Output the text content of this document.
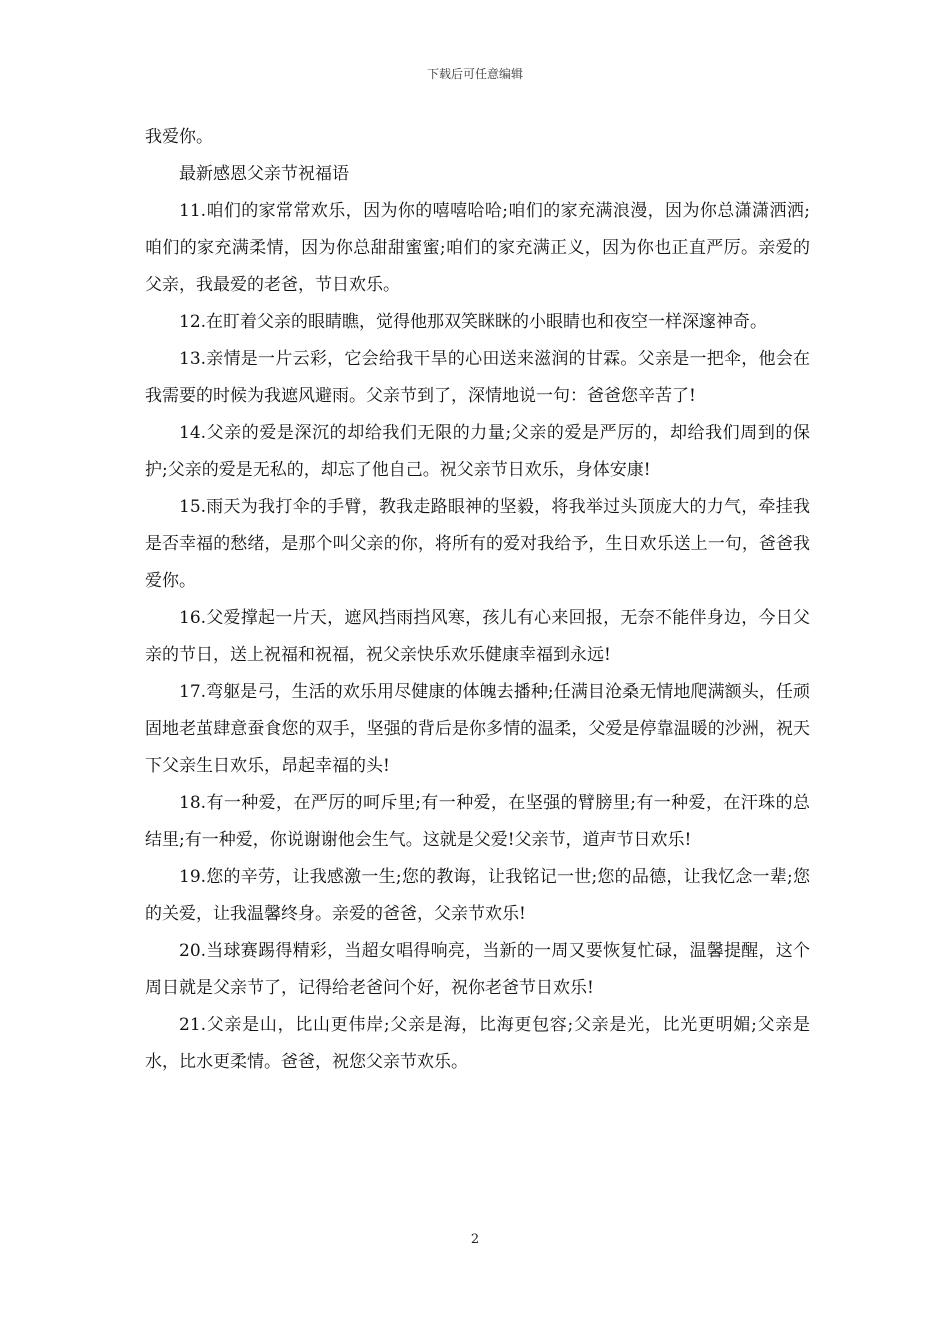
下载后可任意编辑

我爱你。

最新感恩父亲节祝福语

11.咱们的家常常欢乐，因为你的嘻嘻哈哈;咱们的家充满浪漫，因为你总潇潇洒洒;咱们的家充满柔情，因为你总甜甜蜜蜜;咱们的家充满正义，因为你也正直严厉。亲爱的父亲，我最爱的老爸，节日欢乐。

12.在盯着父亲的眼睛瞧，觉得他那双笑眯眯的小眼睛也和夜空一样深邃神奇。

13.亲情是一片云彩，它会给我干旱的心田送来滋润的甘霖。父亲是一把伞，他会在我需要的时候为我遮风避雨。父亲节到了，深情地说一句：爸爸您辛苦了!

14.父亲的爱是深沉的却给我们无限的力量;父亲的爱是严厉的，却给我们周到的保护;父亲的爱是无私的，却忘了他自己。祝父亲节日欢乐，身体安康!

15.雨天为我打伞的手臂，教我走路眼神的坚毅，将我举过头顶庞大的力气，牵挂我是否幸福的愁绪，是那个叫父亲的你，将所有的爱对我给予，生日欢乐送上一句，爸爸我爱你。

16.父爱撑起一片天，遮风挡雨挡风寒，孩儿有心来回报，无奈不能伴身边，今日父亲的节日，送上祝福和祝福，祝父亲快乐欢乐健康幸福到永远!

17.弯躯是弓，生活的欢乐用尽健康的体魄去播种;任满目沧桑无情地爬满额头，任顽固地老茧肆意蚕食您的双手，坚强的背后是你多情的温柔，父爱是停靠温暖的沙洲，祝天下父亲生日欢乐，昂起幸福的头!

18.有一种爱，在严厉的呵斥里;有一种爱，在坚强的臂膀里;有一种爱，在汗珠的总结里;有一种爱，你说谢谢他会生气。这就是父爱!父亲节，道声节日欢乐!

19.您的辛劳，让我感激一生;您的教诲，让我铭记一世;您的品德，让我忆念一辈;您的关爱，让我温馨终身。亲爱的爸爸，父亲节欢乐!

20.当球赛踢得精彩，当超女唱得响亮，当新的一周又要恢复忙碌，温馨提醒，这个周日就是父亲节了，记得给老爸问个好，祝你老爸节日欢乐!

21.父亲是山，比山更伟岸;父亲是海，比海更包容;父亲是光，比光更明媚;父亲是水，比水更柔情。爸爸，祝您父亲节欢乐。

2
